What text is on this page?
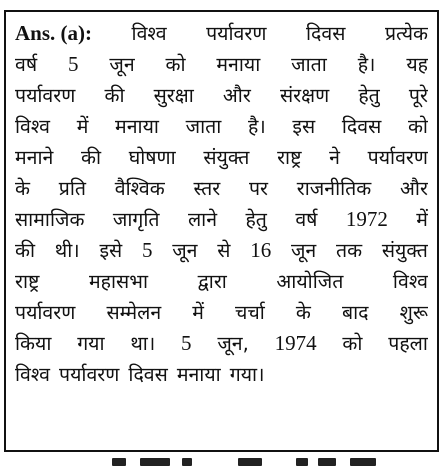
Ans. (a): विश्व पर्यावरण दिवस प्रत्येक
वर्ष 5 जून को मनाया जाता है। यह
पर्यावरण की सुरक्षा और संरक्षण हेतु पूरे
विश्व में मनाया जाता है। इस दिवस को
मनाने की घोषणा संयुक्त राष्ट्र ने पर्यावरण
के प्रति वैश्विक स्तर पर राजनीतिक और
सामाजिक जागृति लाने हेतु वर्ष 1972 में
की थी। इसे 5 जून से 16 जून तक संयुक्त
राष्ट्र	महासभा	द्वारा	आयोजित	विश्व
पर्यावरण सम्मेलन में चर्चा के बाद शुरू
किया गया था। 5 जून, 1974 को पहला
विश्व पर्यावरण दिवस मनाया गया।
